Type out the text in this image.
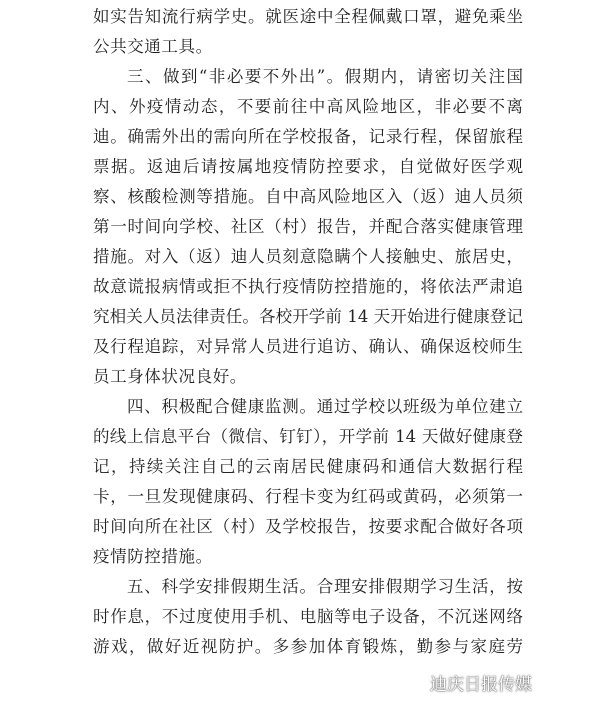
如实告知流行病学史。就医途中全程佩戴口罩，避免乘坐
公共交通工具。
三、做到“非必要不外出”。假期内，请密切关注国
内、外疫情动态，不要前往中高风险地区，非必要不离
迪。确需外出的需向所在学校报备，记录行程，保留旅程
票据。返迪后请按属地疫情防控要求，自觉做好医学观
察、核酸检测等措施。自中高风险地区入（返）迪人员须
第一时间向学校、社区（村）报告，并配合落实健康管理
措施。对入（返）迪人员刻意隐瞒个人接触史、旅居史，
故意谎报病情或拒不执行疫情防控措施的，将依法严肃追
究相关人员法律责任。各校开学前 14 天开始进行健康登记
及行程追踪，对异常人员进行追访、确认、确保返校师生
员工身体状况良好。
四、积极配合健康监测。通过学校以班级为单位建立
的线上信息平台（微信、钉钉），开学前 14 天做好健康登
记，持续关注自己的云南居民健康码和通信大数据行程
卡，一旦发现健康码、行程卡变为红码或黄码，必须第一
时间向所在社区（村）及学校报告，按要求配合做好各项
疫情防控措施。
五、科学安排假期生活。合理安排假期学习生活，按
时作息，不过度使用手机、电脑等电子设备，不沉迷网络
游戏，做好近视防护。多参加体育锻炼，勤参与家庭劳
迪庆日报传媒
